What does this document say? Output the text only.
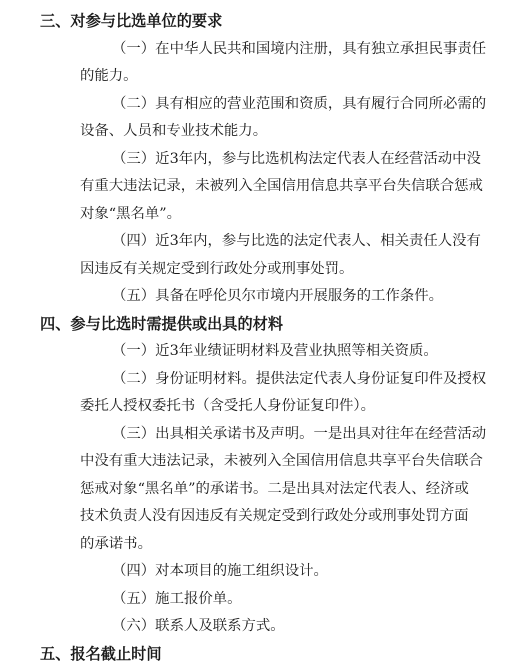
三、对参与比选单位的要求
（一）在中华人民共和国境内注册，具有独立承担民事责任
的能力。
（二）具有相应的营业范围和资质，具有履行合同所必需的
设备、人员和专业技术能力。
（三）近3年内，参与比选机构法定代表人在经营活动中没
有重大违法记录，未被列入全国信用信息共享平台失信联合惩戒
对象“黑名单”。
（四）近3年内，参与比选的法定代表人、相关责任人没有
因违反有关规定受到行政处分或刑事处罚。
（五）具备在呼伦贝尔市境内开展服务的工作条件。
四、参与比选时需提供或出具的材料
（一）近3年业绩证明材料及营业执照等相关资质。
（二）身份证明材料。提供法定代表人身份证复印件及授权
委托人授权委托书（含受托人身份证复印件）。
（三）出具相关承诺书及声明。一是出具对往年在经营活动
中没有重大违法记录，未被列入全国信用信息共享平台失信联合
惩戒对象“黑名单”的承诺书。二是出具对法定代表人、经济或
技术负责人没有因违反有关规定受到行政处分或刑事处罚方面
的承诺书。
（四）对本项目的施工组织设计。
（五）施工报价单。
（六）联系人及联系方式。
五、报名截止时间
